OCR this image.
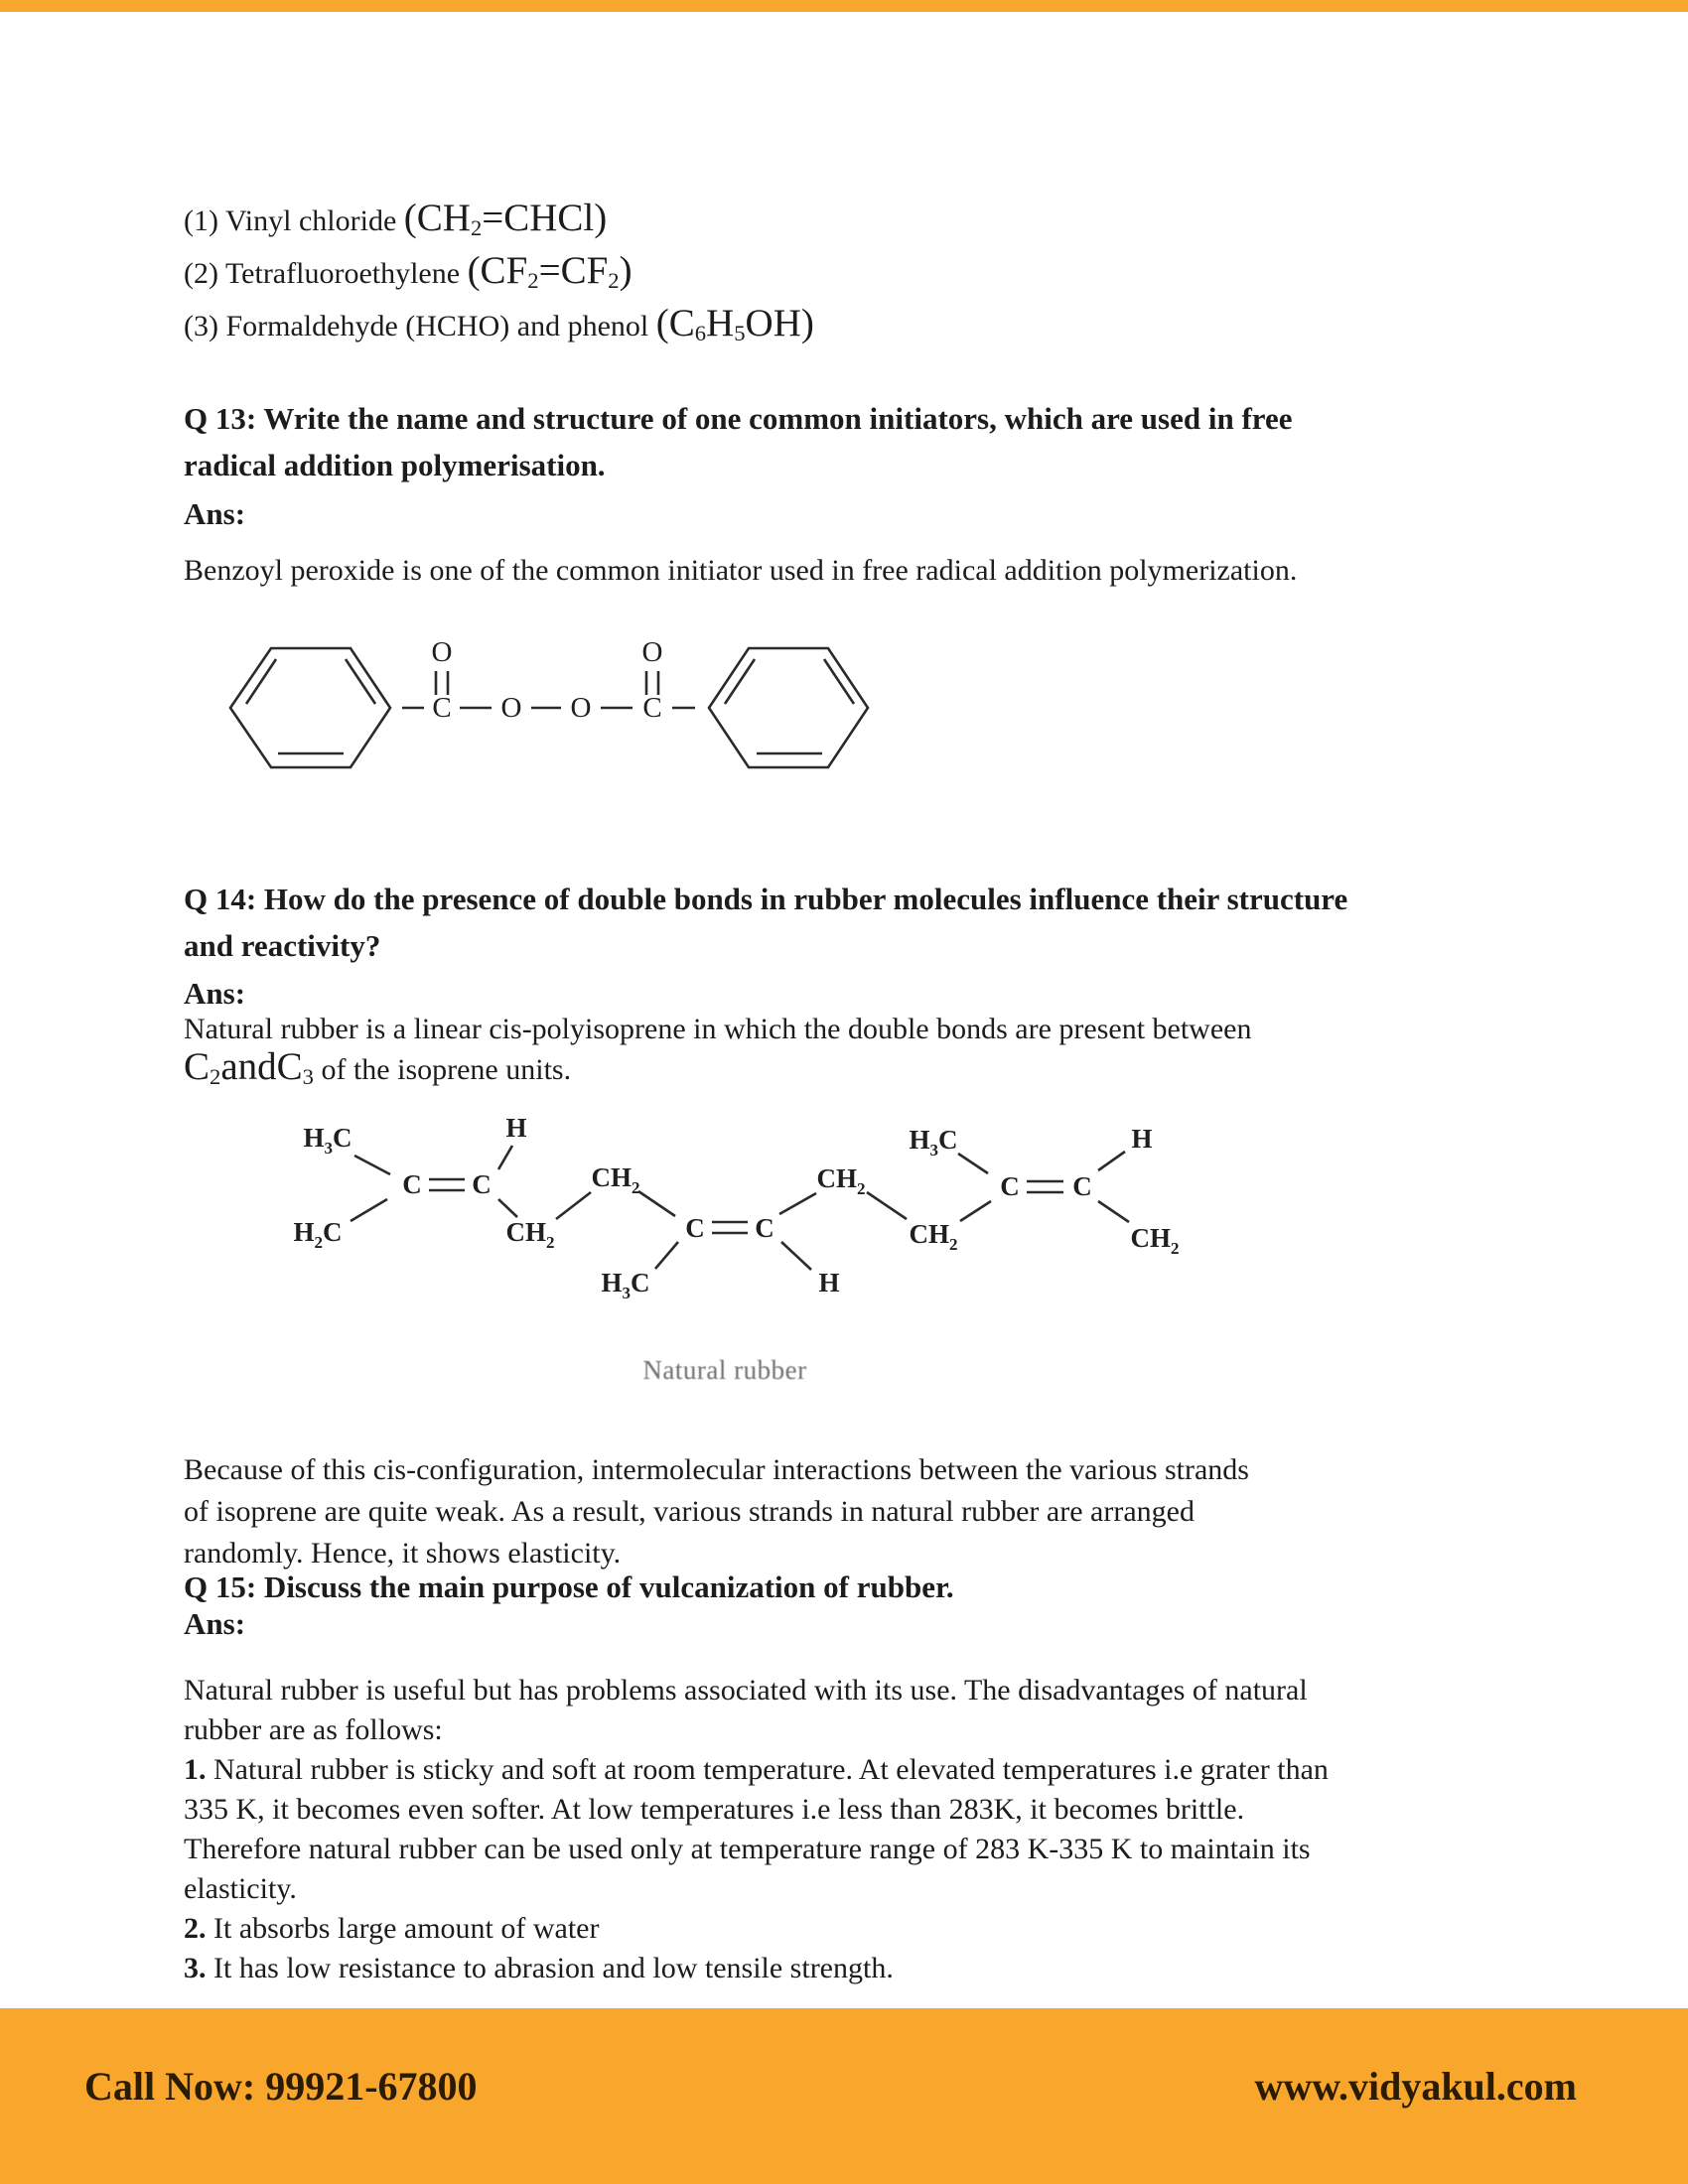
(1) Vinyl chloride (CH2=CHCl)
(2) Tetrafluoroethylene (CF2=CF2)
(3) Formaldehyde (HCHO) and phenol (C6H5OH)
Q 13: Write the name and structure of one common initiators, which are used in free
radical addition polymerisation.
Ans:
Benzoyl peroxide is one of the common initiator used in free radical addition polymerization.
O	O
C O O C
Q 14: How do the presence of double bonds in rubber molecules influence their structure
and reactivity?
Ans:
Natural rubber is a linear cis-polyisoprene in which the double bonds are present between
C2andC3 of the isoprene units.
$H_3C$	H
$H_2C$	$CH_2$
C C	$CH_2$
C C
$H_3C$	H
$CH_2$
$CH_2$
$H_3C$	H
C C
$CH_2$
Natural rubber
Because of this cis-configuration, intermolecular interactions between the various strands
of isoprene are quite weak. As a result, various strands in natural rubber are arranged
randomly. Hence, it shows elasticity.
Q 15: Discuss the main purpose of vulcanization of rubber.
Ans:
Natural rubber is useful but has problems associated with its use. The disadvantages of natural
rubber are as follows:
1. Natural rubber is sticky and soft at room temperature. At elevated temperatures i.e grater than
335 K, it becomes even softer. At low temperatures i.e less than 283K, it becomes brittle.
Therefore natural rubber can be used only at temperature range of 283 K-335 K to maintain its
elasticity.
2. It absorbs large amount of water
3. It has low resistance to abrasion and low tensile strength.
Call Now: 99921-67800	www.vidyakul.com
